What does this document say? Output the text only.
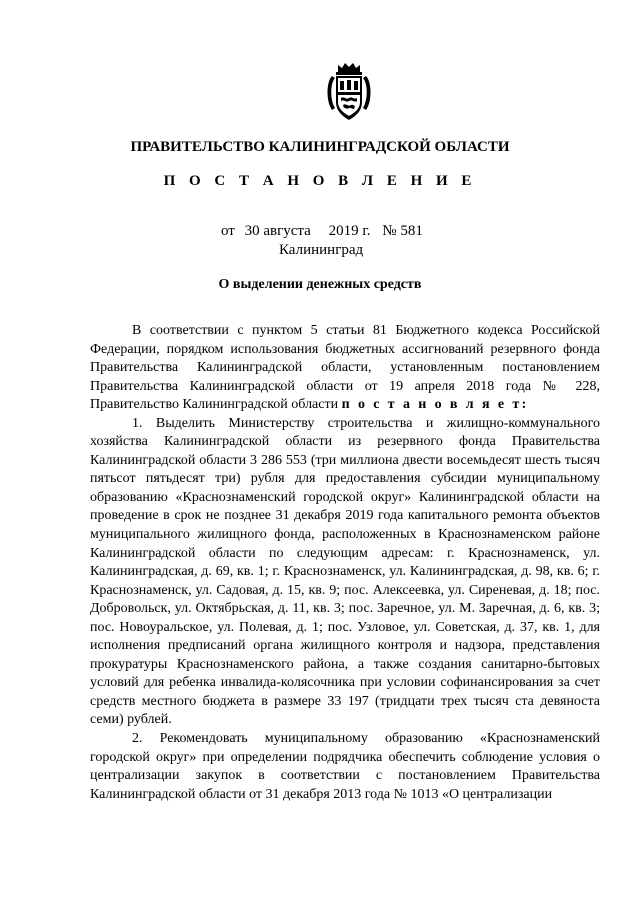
ПРАВИТЕЛЬСТВО КАЛИНИНГРАДСКОЙ ОБЛАСТИ
П О С Т А Н О В Л Е Н И Е
от 30 августа 2019 г. № 581
Калининград
О выделении денежных средств

В соответствии с пунктом 5 статьи 81 Бюджетного кодекса Российской Федерации, порядком использования бюджетных ассигнований резервного фонда Правительства Калининградской области, установленным постановлением Правительства Калининградской области от 19 апреля 2018 года № 228, Правительство Калининградской области п о с т а н о в л я е т:

1. Выделить Министерству строительства и жилищно-коммунального хозяйства Калининградской области из резервного фонда Правительства Калининградской области 3 286 553 (три миллиона двести восемьдесят шесть тысяч пятьсот пятьдесят три) рубля для предоставления субсидии муниципальному образованию «Краснознаменский городской округ» Калининградской области на проведение в срок не позднее 31 декабря 2019 года капитального ремонта объектов муниципального жилищного фонда, расположенных в Краснознаменском районе Калининградской области по следующим адресам: г. Краснознаменск, ул. Калининградская, д. 69, кв. 1; г. Краснознаменск, ул. Калининградская, д. 98, кв. 6; г. Краснознаменск, ул. Садовая, д. 15, кв. 9; пос. Алексеевка, ул. Сиреневая, д. 18; пос. Добровольск, ул. Октябрьская, д. 11, кв. 3; пос. Заречное, ул. М. Заречная, д. 6, кв. 3; пос. Новоуральское, ул. Полевая, д. 1; пос. Узловое, ул. Советская, д. 37, кв. 1, для исполнения предписаний органа жилищного контроля и надзора, представления прокуратуры Краснознаменского района, а также создания санитарно-бытовых условий для ребенка инвалида-колясочника при условии софинансирования за счет средств местного бюджета в размере 33 197 (тридцати трех тысяч ста девяноста семи) рублей.

2. Рекомендовать муниципальному образованию «Краснознаменский городской округ» при определении подрядчика обеспечить соблюдение условия о централизации закупок в соответствии с постановлением Правительства Калининградской области от 31 декабря 2013 года № 1013 «О централизации
